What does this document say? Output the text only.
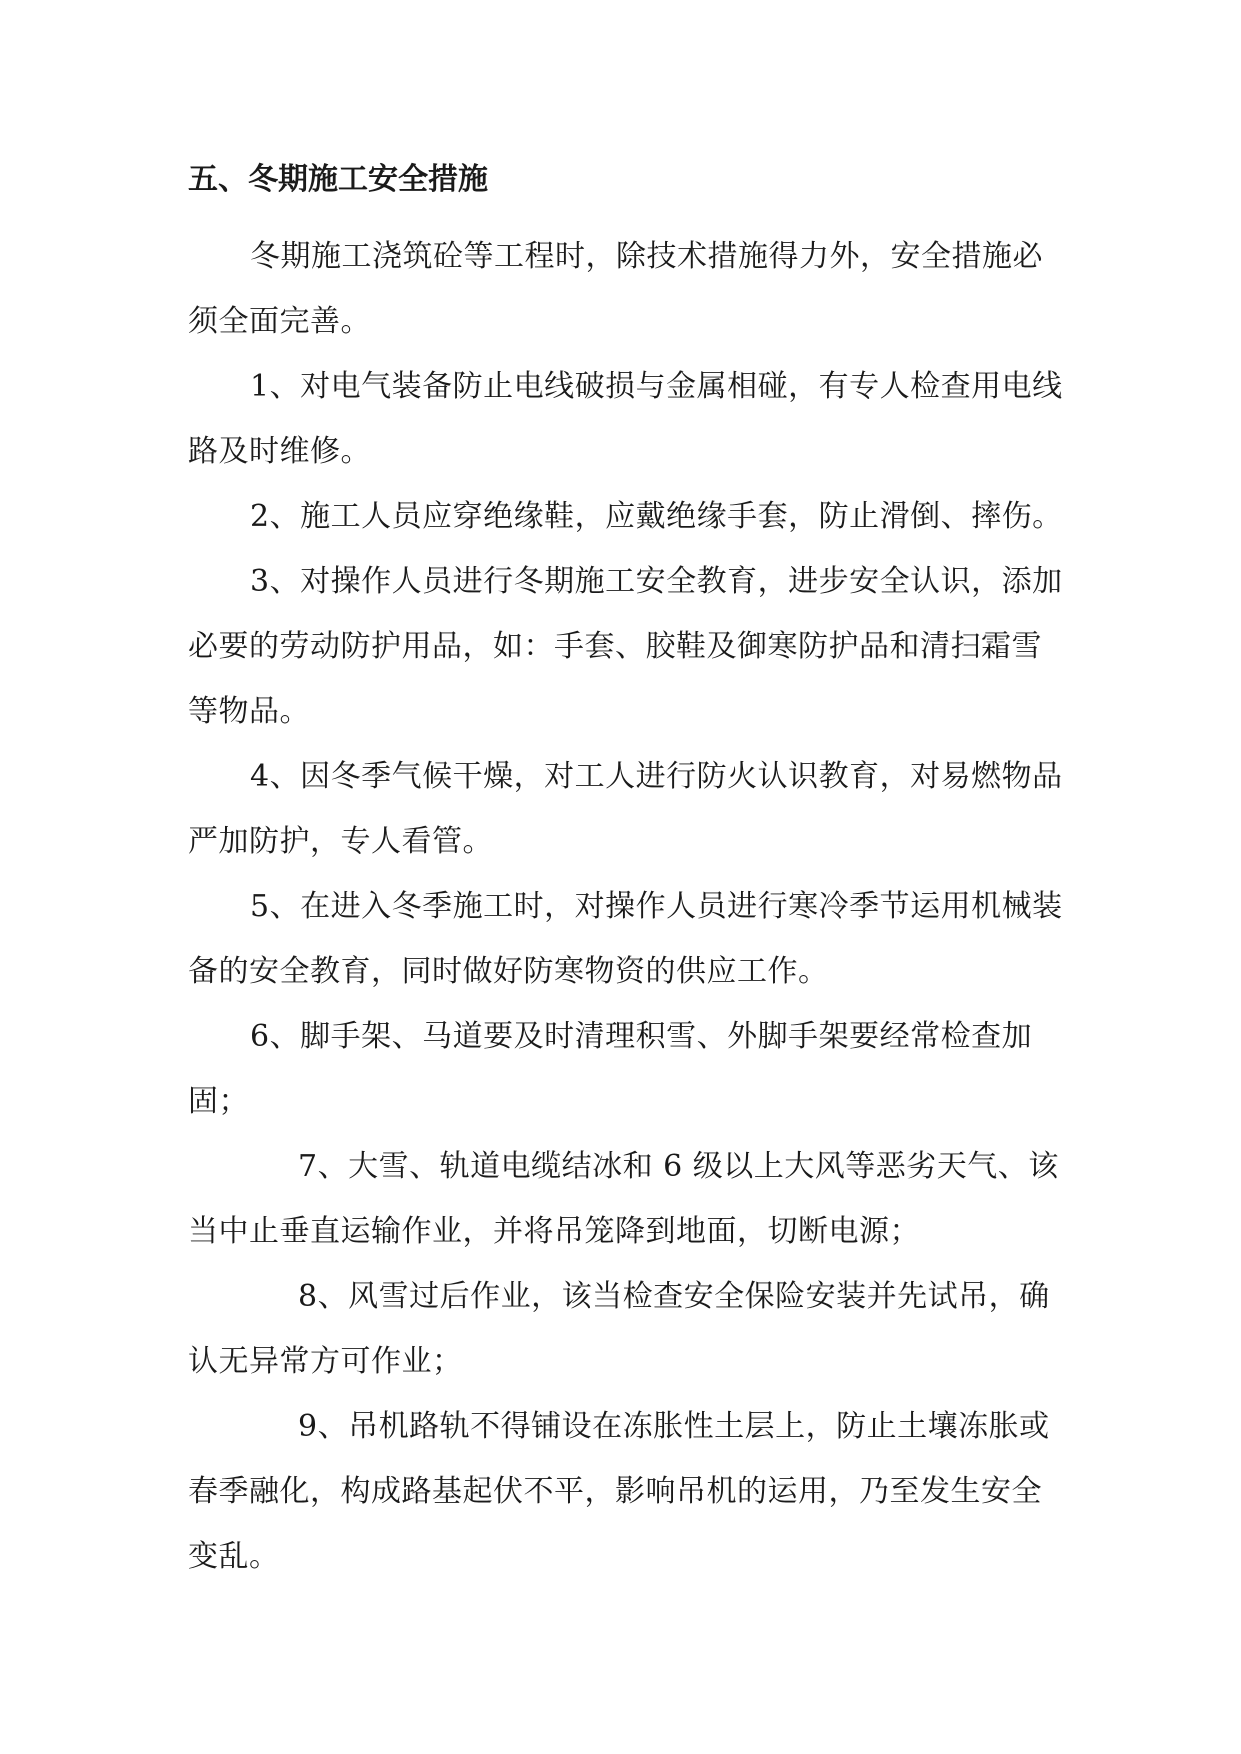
五、冬期施工安全措施

冬期施工浇筑砼等工程时，除技术措施得力外，安全措施必须全面完善。

1、对电气装备防止电线破损与金属相碰，有专人检查用电线路及时维修。

2、施工人员应穿绝缘鞋，应戴绝缘手套，防止滑倒、摔伤。

3、对操作人员进行冬期施工安全教育，进步安全认识，添加必要的劳动防护用品，如：手套、胶鞋及御寒防护品和清扫霜雪等物品。

4、因冬季气候干燥，对工人进行防火认识教育，对易燃物品严加防护，专人看管。

5、在进入冬季施工时，对操作人员进行寒冷季节运用机械装备的安全教育，同时做好防寒物资的供应工作。

6、脚手架、马道要及时清理积雪、外脚手架要经常检查加固；

7、大雪、轨道电缆结冰和 6 级以上大风等恶劣天气、该当中止垂直运输作业，并将吊笼降到地面，切断电源；

8、风雪过后作业，该当检查安全保险安装并先试吊，确认无异常方可作业；

9、吊机路轨不得铺设在冻胀性土层上，防止土壤冻胀或春季融化，构成路基起伏不平，影响吊机的运用，乃至发生安全变乱。
